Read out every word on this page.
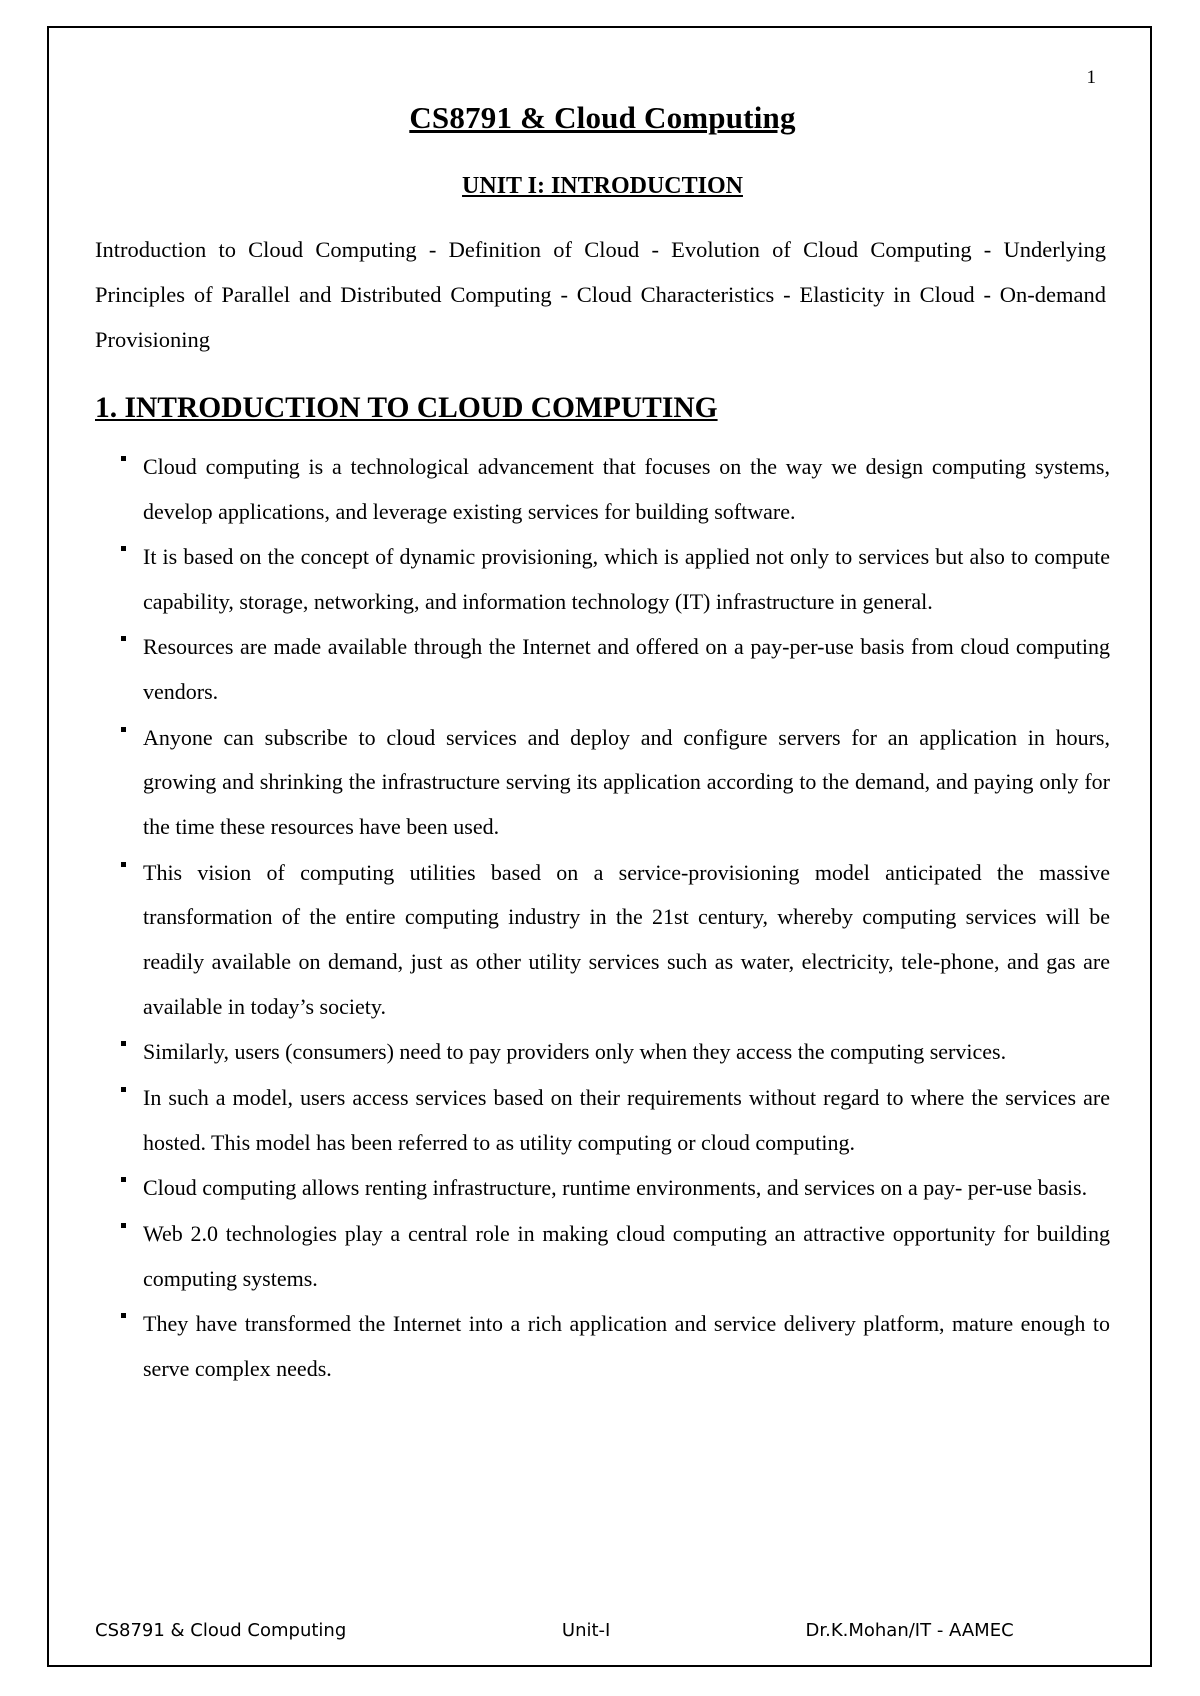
1
CS8791 & Cloud Computing
UNIT I: INTRODUCTION
Introduction to Cloud Computing - Definition of Cloud - Evolution of Cloud Computing - Underlying Principles of Parallel and Distributed Computing - Cloud Characteristics - Elasticity in Cloud - On-demand Provisioning
1. INTRODUCTION TO CLOUD COMPUTING
Cloud computing is a technological advancement that focuses on the way we design computing systems, develop applications, and leverage existing services for building software.
It is based on the concept of dynamic provisioning, which is applied not only to services but also to compute capability, storage, networking, and information technology (IT) infrastructure in general.
Resources are made available through the Internet and offered on a pay-per-use basis from cloud computing vendors.
Anyone can subscribe to cloud services and deploy and configure servers for an application in hours, growing and shrinking the infrastructure serving its application according to the demand, and paying only for the time these resources have been used.
This vision of computing utilities based on a service-provisioning model anticipated the massive transformation of the entire computing industry in the 21st century, whereby computing services will be readily available on demand, just as other utility services such as water, electricity, tele-phone, and gas are available in today’s society.
Similarly, users (consumers) need to pay providers only when they access the computing services.
In such a model, users access services based on their requirements without regard to where the services are hosted. This model has been referred to as utility computing or cloud computing.
Cloud computing allows renting infrastructure, runtime environments, and services on a pay- per-use basis.
Web 2.0 technologies play a central role in making cloud computing an attractive opportunity for building computing systems.
They have transformed the Internet into a rich application and service delivery platform, mature enough to serve complex needs.
CS8791 & Cloud Computing	Unit-I	Dr.K.Mohan/IT - AAMEC
